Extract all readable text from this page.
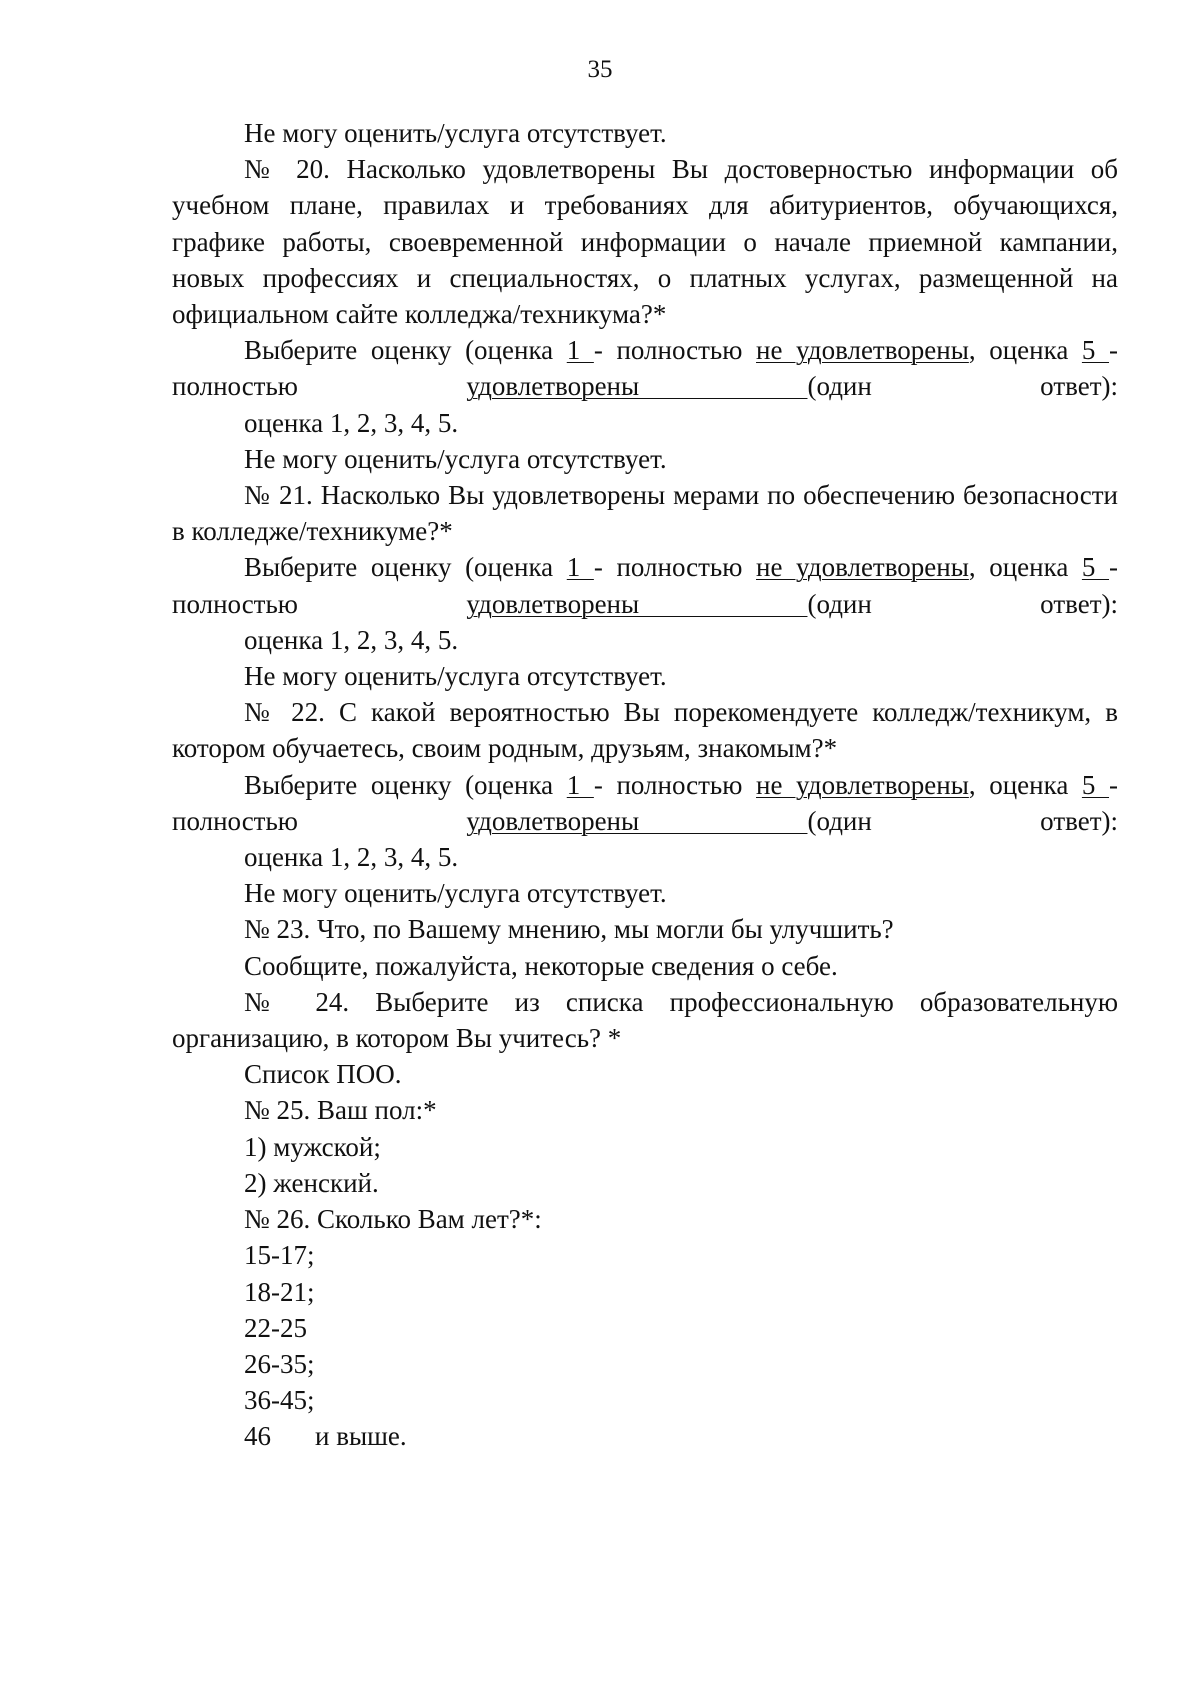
35

Не могу оценить/услуга отсутствует.

№ 20. Насколько удовлетворены Вы достоверностью информации об учебном плане, правилах и требованиях для абитуриентов, обучающихся, графике работы, своевременной информации о начале приемной кампании, новых профессиях и специальностях, о платных услугах, размещенной на официальном сайте колледжа/техникума?*

Выберите оценку (оценка 1 - полностью не удовлетворены, оценка 5 - полностью удовлетворены (один ответ):

оценка 1, 2, 3, 4, 5.

Не могу оценить/услуга отсутствует.

№ 21. Насколько Вы удовлетворены мерами по обеспечению безопасности в колледже/техникуме?*

Выберите оценку (оценка 1 - полностью не удовлетворены, оценка 5 - полностью удовлетворены (один ответ):

оценка 1, 2, 3, 4, 5.

Не могу оценить/услуга отсутствует.

№ 22. С какой вероятностью Вы порекомендуете колледж/техникум, в котором обучаетесь, своим родным, друзьям, знакомым?*

Выберите оценку (оценка 1 - полностью не удовлетворены, оценка 5 - полностью удовлетворены (один ответ):

оценка 1, 2, 3, 4, 5.

Не могу оценить/услуга отсутствует.

№ 23. Что, по Вашему мнению, мы могли бы улучшить?

Сообщите, пожалуйста, некоторые сведения о себе.

№ 24. Выберите из списка профессиональную образовательную организацию, в котором Вы учитесь? *

Список ПОО.

№ 25. Ваш пол:*

1) мужской;

2) женский.

№ 26. Сколько Вам лет?*:

15-17;

18-21;

22-25

26-35;

36-45;

46 и выше.
